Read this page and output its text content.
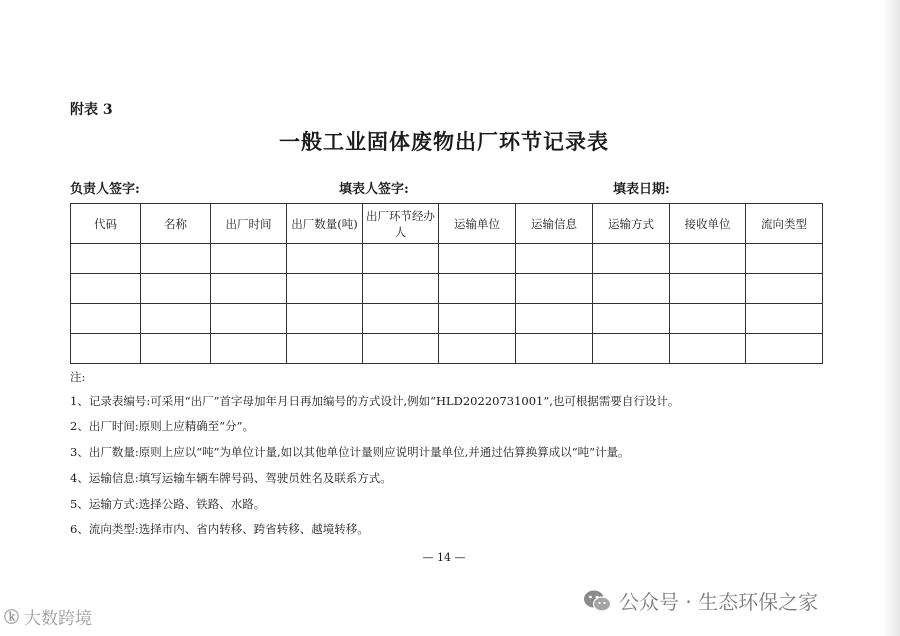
附表 3
一般工业固体废物出厂环节记录表
负责人签字:	填表人签字:	填表日期:
代码	名称	出厂时间	出厂数量(吨)	出厂环节经办人	运输单位	运输信息	运输方式	接收单位	流向类型

注:
1、记录表编号:可采用“出厂”首字母加年月日再加编号的方式设计,例如“HLD20220731001”,也可根据需要自行设计。
2、出厂时间:原则上应精确至“分”。
3、出厂数量:原则上应以“吨”为单位计量,如以其他单位计量则应说明计量单位,并通过估算换算成以“吨”计量。
4、运输信息:填写运输车辆车牌号码、驾驶员姓名及联系方式。
5、运输方式:选择公路、铁路、水路。
6、流向类型:选择市内、省内转移、跨省转移、越境转移。
— 14 —
公众号 · 生态环保之家
ⓚ 大数跨境
